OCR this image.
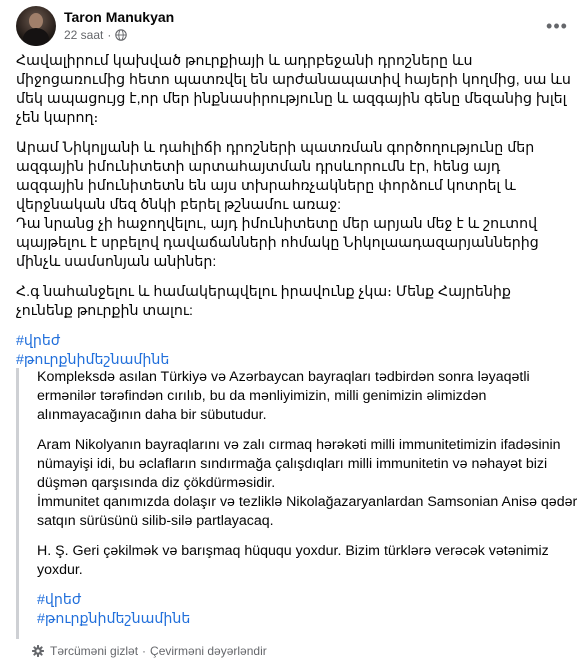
Taron Manukyan
22 saat ·	•••

Հավալիրում կախված թուրքիայի և ադրբեջանի դրոշները ևս միջոցառումից հետո պատռվել են արժանապատիվ հայերի կողմից, սա ևս մեկ ապացույց է,որ մեր ինքնասիրությունը և ազգային գենը մեզանից խլել չեն կարող։

Արամ Նիկոլյանի և դահլիճի դրոշների պատռման գործողությունը մեր ազգային իմունիտետի արտահայտման դրսևորումն էր, հենց այդ ազգային իմունիտետն են այս տխրահռչակները փորձում կոտրել և վերջնական մեզ ծնկի բերել թշնամու առաջ:
Դա նրանց չի հաջողվելու, այդ իմունիտետը մեր արյան մեջ է և շուտով պայթելու է սրբելով դավաճանների ոհմակը Նիկոլաադազարյաններից մինչև սամսոնյան անիներ:

Հ.գ նահանջելու և համակերպվելու իրավունք չկա։ Մենք Հայրենիք չունենք թուրքին տալու:

#վրեժ
#թուրքնիմեշնամինե

Kompleksdə asılan Türkiyə və Azərbaycan bayraqları tədbirdən sonra ləyaqətli ermənilər tərəfindən cırılıb, bu da mənliyimizin, milli genimizin əlimizdən alınmayacağının daha bir sübutudur.

Aram Nikolyanın bayraqlarını və zalı cırmaq hərəkəti milli immunitetimizin ifadəsinin nümayişi idi, bu əclafların sındırmağa çalışdıqları milli immunitetin və nəhayət bizi düşmən qarşısında diz çökdürməsidir.
İmmunitet qanımızda dolaşır və tezliklə Nikolağazaryanlardan Samsonian Anisə qədər satqın sürüsünü silib-silə partlayacaq.

H. Ş. Geri çəkilmək və barışmaq hüququ yoxdur. Bizim türklərə verəcək vətənimiz yoxdur.

#վրեժ
#թուրքնիմեշնամինե
Tərcüməni gizlət · Çevirməni dəyərləndir
